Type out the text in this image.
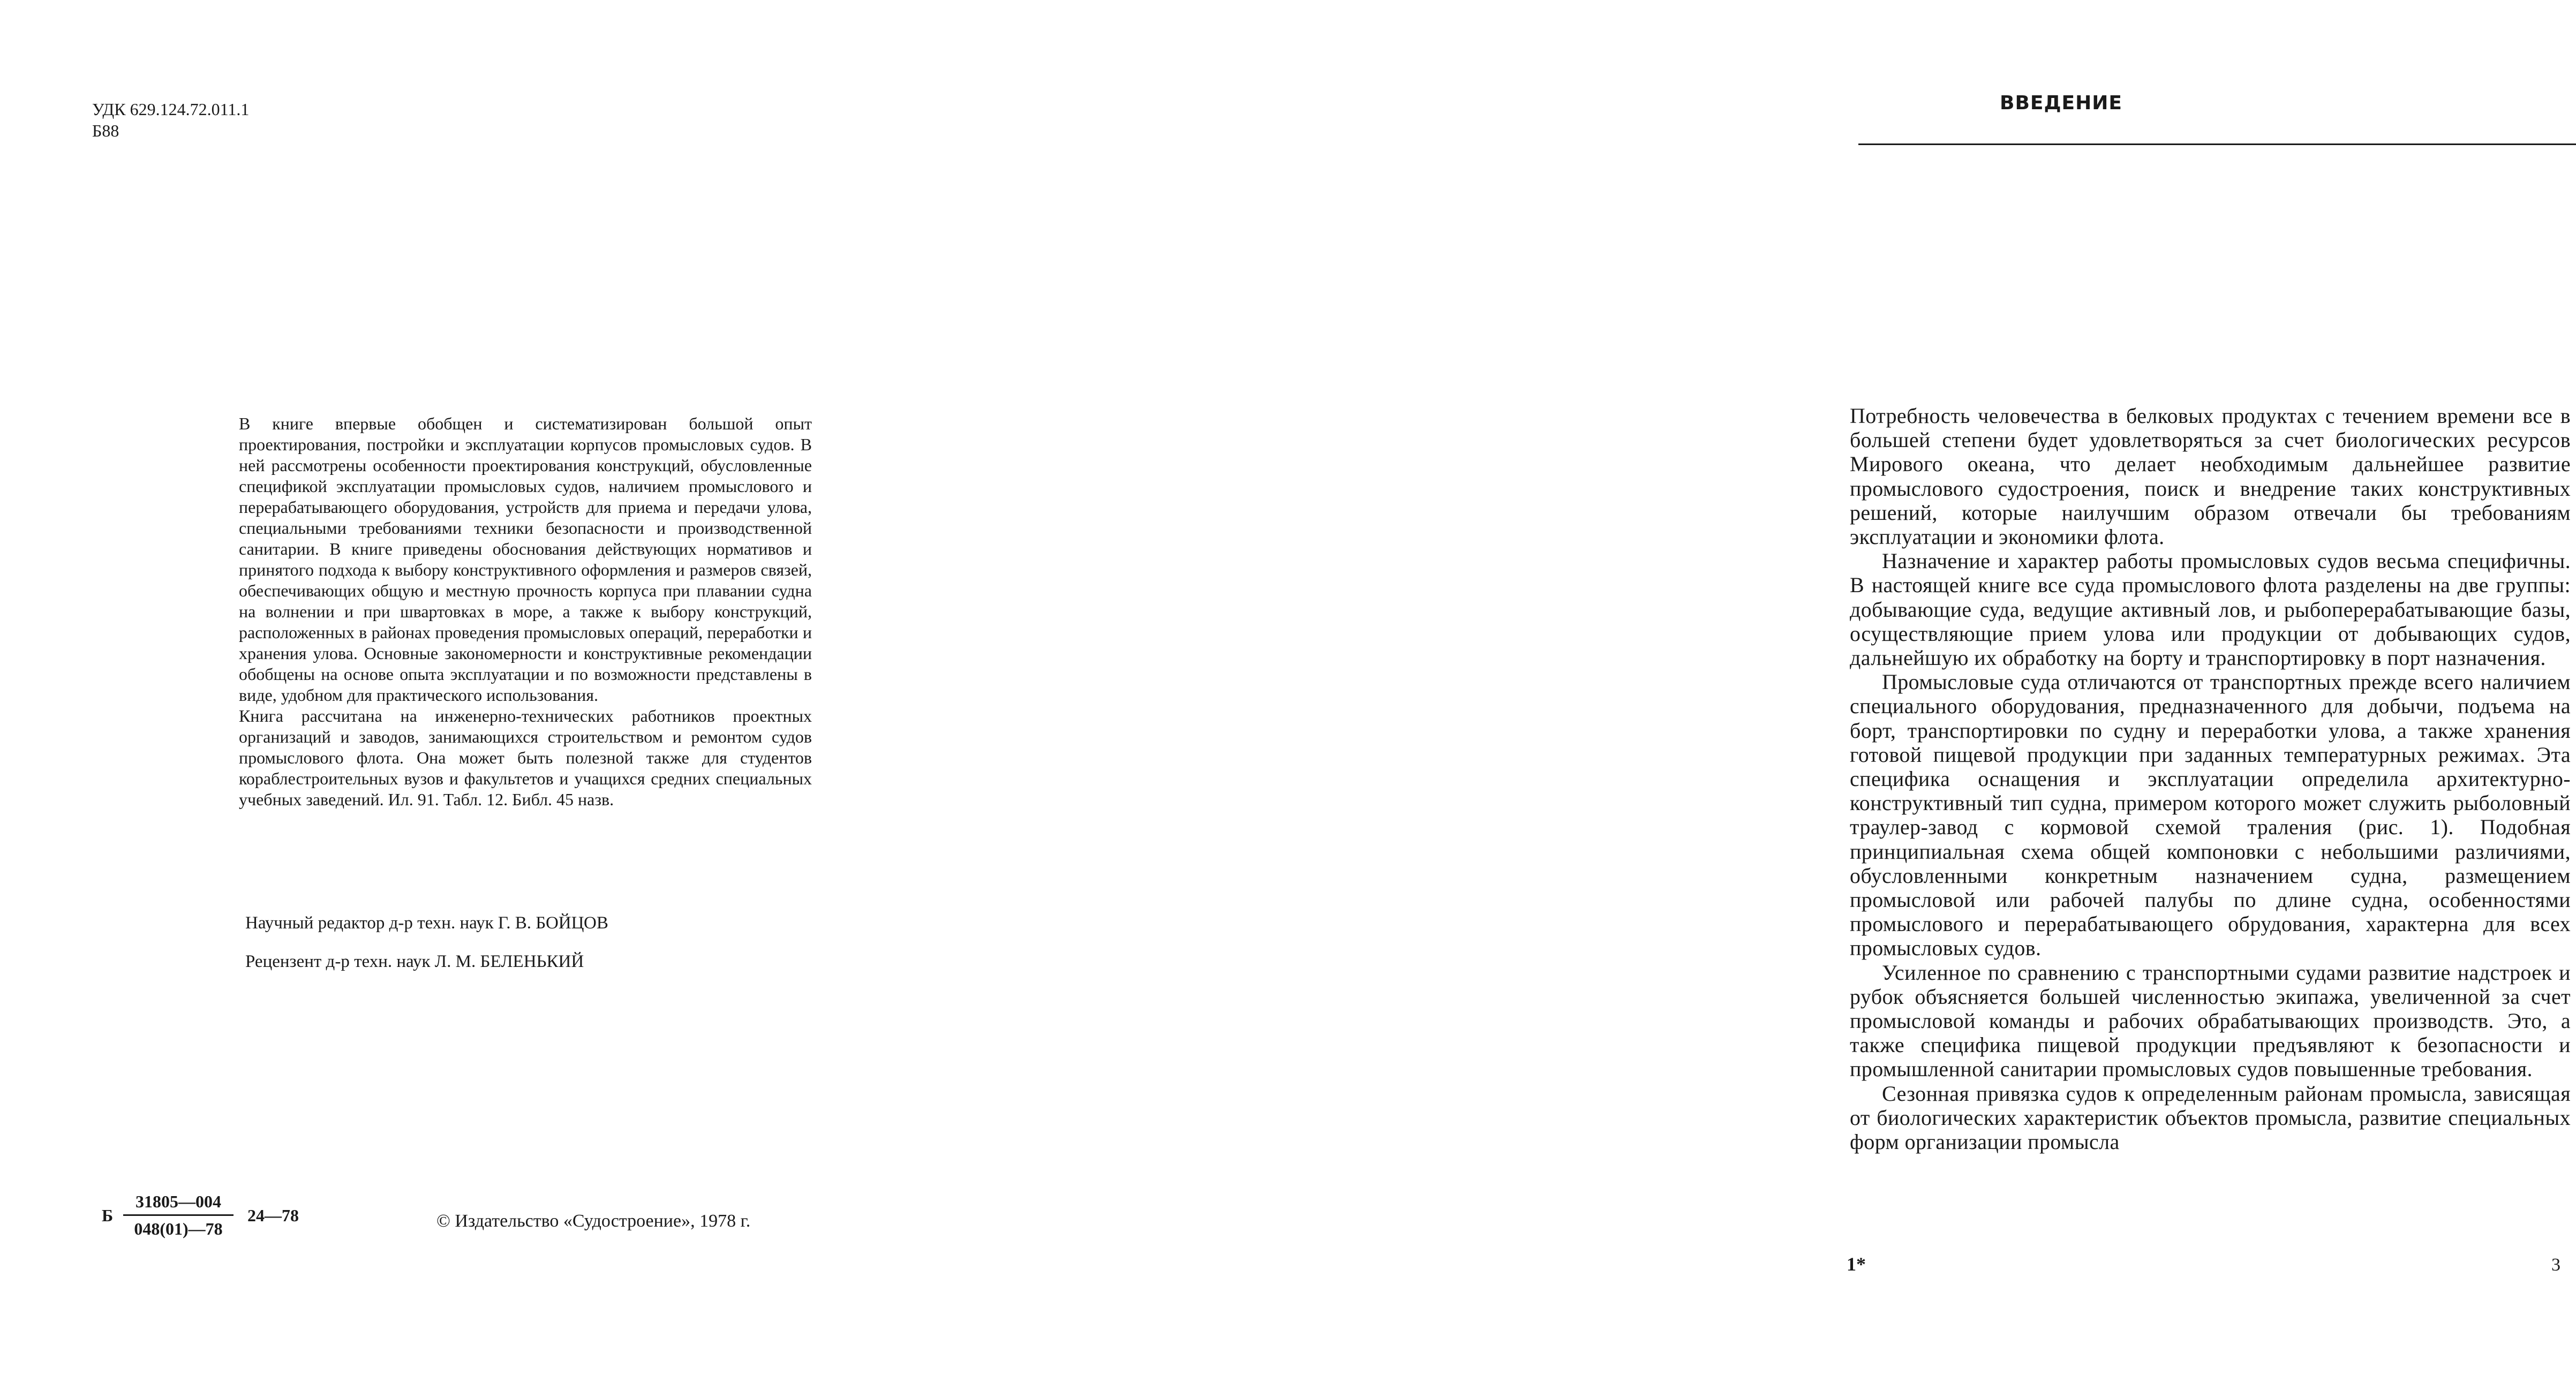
УДК 629.124.72.011.1
Б88

В книге впервые обобщен и систематизирован большой опыт проектирования, постройки и эксплуатации корпусов промысловых судов. В ней рассмотрены особенности проектирования конструкций, обусловленные спецификой эксплуатации промысловых судов, наличием промыслового и перерабатывающего оборудования, устройств для приема и передачи улова, специальными требованиями техники безопасности и производственной санитарии. В книге приведены обоснования действующих нормативов и принятого подхода к выбору конструктивного оформления и размеров связей, обеспечивающих общую и местную прочность корпуса при плавании судна на волнении и при швартовках в море, а также к выбору конструкций, расположенных в районах проведения промысловых операций, переработки и хранения улова. Основные закономерности и конструктивные рекомендации обобщены на основе опыта эксплуатации и по возможности представлены в виде, удобном для практического использования.

Книга рассчитана на инженерно-технических работников проектных организаций и заводов, занимающихся строительством и ремонтом судов промыслового флота. Она может быть полезной также для студентов кораблестроительных вузов и факультетов и учащихся средних специальных учебных заведений. Ил. 91. Табл. 12. Библ. 45 назв.

Научный редактор д-р техн. наук Г. В. БОЙЦОВ
Рецензент д-р техн. наук Л. М. БЕЛЕНЬКИЙ
Б
31805—004
048(01)—78
24—78	© Издательство «Судостроение», 1978 г.
ВВЕДЕНИЕ

Потребность человечества в белковых продуктах с течением времени все в большей степени будет удовлетворяться за счет биологических ресурсов Мирового океана, что делает необходимым дальнейшее развитие промыслового судостроения, поиск и внедрение таких конструктивных решений, которые наилучшим образом отвечали бы требованиям эксплуатации и экономики флота.

Назначение и характер работы промысловых судов весьма специфичны. В настоящей книге все суда промыслового флота разделены на две группы: добывающие суда, ведущие активный лов, и рыбоперерабатывающие базы, осуществляющие прием улова или продукции от добывающих судов, дальнейшую их обработку на борту и транспортировку в порт назначения.

Промысловые суда отличаются от транспортных прежде всего наличием специального оборудования, предназначенного для добычи, подъема на борт, транспортировки по судну и переработки улова, а также хранения готовой пищевой продукции при заданных температурных режимах. Эта специфика оснащения и эксплуатации определила архитектурно-конструктивный тип судна, примером которого может служить рыболовный траулер-завод с кормовой схемой траления (рис. 1). Подобная принципиальная схема общей компоновки с небольшими различиями, обусловленными конкретным назначением судна, размещением промысловой или рабочей палубы по длине судна, особенностями промыслового и перерабатывающего обрудования, характерна для всех промысловых судов.

Усиленное по сравнению с транспортными судами развитие надстроек и рубок объясняется большей численностью экипажа, увеличенной за счет промысловой команды и рабочих обрабатывающих производств. Это, а также специфика пищевой продукции предъявляют к безопасности и промышленной санитарии промысловых судов повышенные требования.

Сезонная привязка судов к определенным районам промысла, зависящая от биологических характеристик объектов промысла, развитие специальных форм организации промысла

1*	3
